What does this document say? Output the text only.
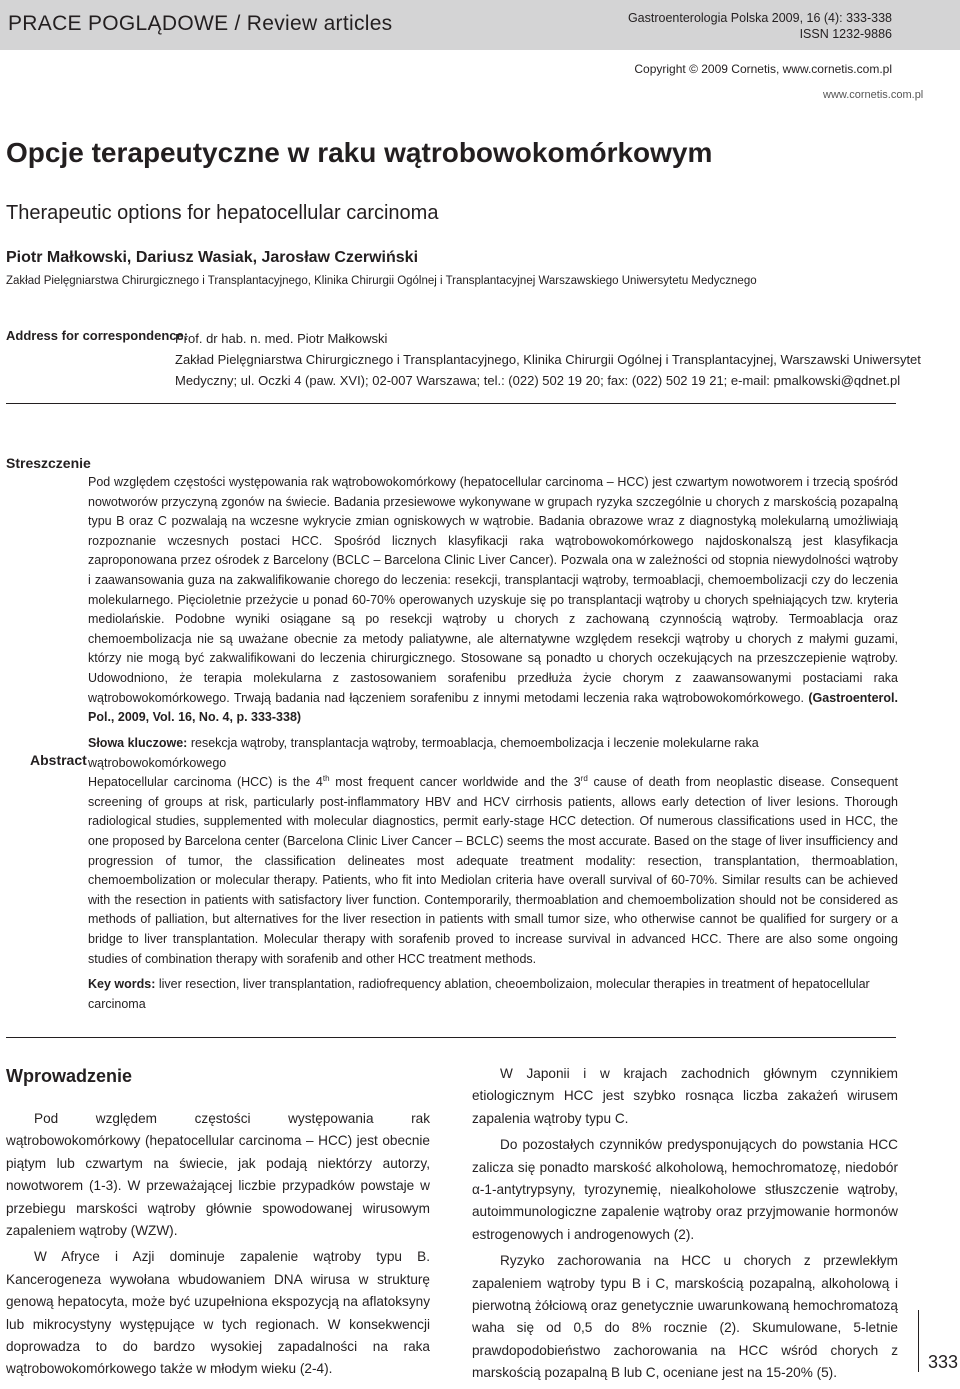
PRACE POGLĄDOWE / Review articles	Gastroenterologia Polska 2009, 16 (4): 333-338
ISSN 1232-9886
Copyright © 2009 Cornetis, www.cornetis.com.pl
www.cornetis.com.pl
Opcje terapeutyczne w raku wątrobowokomórkowym
Therapeutic options for hepatocellular carcinoma
Piotr Małkowski, Dariusz Wasiak, Jarosław Czerwiński
Zakład Pielęgniarstwa Chirurgicznego i Transplantacyjnego, Klinika Chirurgii Ogólnej i Transplantacyjnej Warszawskiego Uniwersytetu Medycznego
Address for correspondence:
Prof. dr hab. n. med. Piotr Małkowski
Zakład Pielęgniarstwa Chirurgicznego i Transplantacyjnego, Klinika Chirurgii Ogólnej i Transplantacyjnej, Warszawski Uniwersytet
Medyczny; ul. Oczki 4 (paw. XVI); 02-007 Warszawa; tel.: (022) 502 19 20; fax: (022) 502 19 21; e-mail: pmalkowski@qdnet.pl
Streszczenie
Pod względem częstości występowania rak wątrobowokomórkowy (hepatocellular carcinoma – HCC) jest czwartym nowotworem i trzecią spośród nowotworów przyczyną zgonów na świecie. Badania przesiewowe wykonywane w grupach ryzyka szczególnie u chorych z marskością pozapalną typu B oraz C pozwalają na wczesne wykrycie zmian ogniskowych w wątrobie. Badania obrazowe wraz z diagnostyką molekularną umożliwiają rozpoznanie wczesnych postaci HCC. Spośród licznych klasyfikacji raka wątrobowokomórkowego najdoskonalszą jest klasyfikacja zaproponowana przez ośrodek z Barcelony (BCLC – Barcelona Clinic Liver Cancer). Pozwala ona w zależności od stopnia niewydolności wątroby i zaawansowania guza na zakwalifikowanie chorego do leczenia: resekcji, transplantacji wątroby, termoablacji, chemoembolizacji czy do leczenia molekularnego. Pięcioletnie przeżycie u ponad 60-70% operowanych uzyskuje się po transplantacji wątroby u chorych spełniających tzw. kryteria mediolańskie. Podobne wyniki osiągane są po resekcji wątroby u chorych z zachowaną czynnością wątroby. Termoablacja oraz chemoembolizacja nie są uważane obecnie za metody paliatywne, ale alternatywne względem resekcji wątroby u chorych z małymi guzami, którzy nie mogą być zakwalifikowani do leczenia chirurgicznego. Stosowane są ponadto u chorych oczekujących na przeszczepienie wątroby. Udowodniono, że terapia molekularna z zastosowaniem sorafenibu przedłuża życie chorym z zaawansowanymi postaciami raka wątrobowokomórkowego. Trwają badania nad łączeniem sorafenibu z innymi metodami leczenia raka wątrobowokomórkowego. (Gastroenterol. Pol., 2009, Vol. 16, No. 4, p. 333-338)
Słowa kluczowe: resekcja wątroby, transplantacja wątroby, termoablacja, chemoembolizacja i leczenie molekularne raka wątrobowokomórkowego
Abstract
Hepatocellular carcinoma (HCC) is the 4th most frequent cancer worldwide and the 3rd cause of death from neoplastic disease. Consequent screening of groups at risk, particularly post-inflammatory HBV and HCV cirrhosis patients, allows early detection of liver lesions. Thorough radiological studies, supplemented with molecular diagnostics, permit early-stage HCC detection. Of numerous classifications used in HCC, the one proposed by Barcelona center (Barcelona Clinic Liver Cancer – BCLC) seems the most accurate. Based on the stage of liver insufficiency and progression of tumor, the classification delineates most adequate treatment modality: resection, transplantation, thermoablation, chemoembolization or molecular therapy. Patients, who fit into Mediolan criteria have overall survival of 60-70%. Similar results can be achieved with the resection in patients with satisfactory liver function. Contemporarily, thermoablation and chemoembolization should not be considered as methods of palliation, but alternatives for the liver resection in patients with small tumor size, who otherwise cannot be qualified for surgery or a bridge to liver transplantation. Molecular therapy with sorafenib proved to increase survival in advanced HCC. There are also some ongoing studies of combination therapy with sorafenib and other HCC treatment methods.
Key words: liver resection, liver transplantation, radiofrequency ablation, cheoembolizaion, molecular therapies in treatment of hepatocellular carcinoma
Wprowadzenie

Pod względem częstości występowania rak wątrobowokomórkowy (hepatocellular carcinoma – HCC) jest obecnie piątym lub czwartym na świecie, jak podają niektórzy autorzy, nowotworem (1-3). W przeważającej liczbie przypadków powstaje w przebiegu marskości wątroby głównie spowodowanej wirusowym zapaleniem wątroby (WZW).

W Afryce i Azji dominuje zapalenie wątroby typu B. Kancerogeneza wywołana wbudowaniem DNA wirusa w strukturę genową hepatocyta, może być uzupełniona ekspozycją na aflatoksyny lub mikrocystyny występujące w tych regionach. W konsekwencji doprowadza to do bardzo wysokiej zapadalności na raka wątrobowokomórkowego także w młodym wieku (2-4).

W Japonii i w krajach zachodnich głównym czynnikiem etiologicznym HCC jest szybko rosnąca liczba zakażeń wirusem zapalenia wątroby typu C.

Do pozostałych czynników predysponujących do powstania HCC zalicza się ponadto marskość alkoholową, hemochromatozę, niedobór α-1-antytrypsyny, tyrozynemię, niealkoholowe stłuszczenie wątroby, autoimmunologiczne zapalenie wątroby oraz przyjmowanie hormonów estrogenowych i androgenowych (2).

Ryzyko zachorowania na HCC u chorych z przewlekłym zapaleniem wątroby typu B i C, marskością pozapalną, alkoholową i pierwotną żółciową oraz genetycznie uwarunkowaną hemochromatozą waha się od 0,5 do 8% rocznie (2). Skumulowane, 5-letnie prawdopodobieństwo zachorowania na HCC wśród chorych z marskością pozapalną B lub C, oceniane jest na 15-20% (5).

333
